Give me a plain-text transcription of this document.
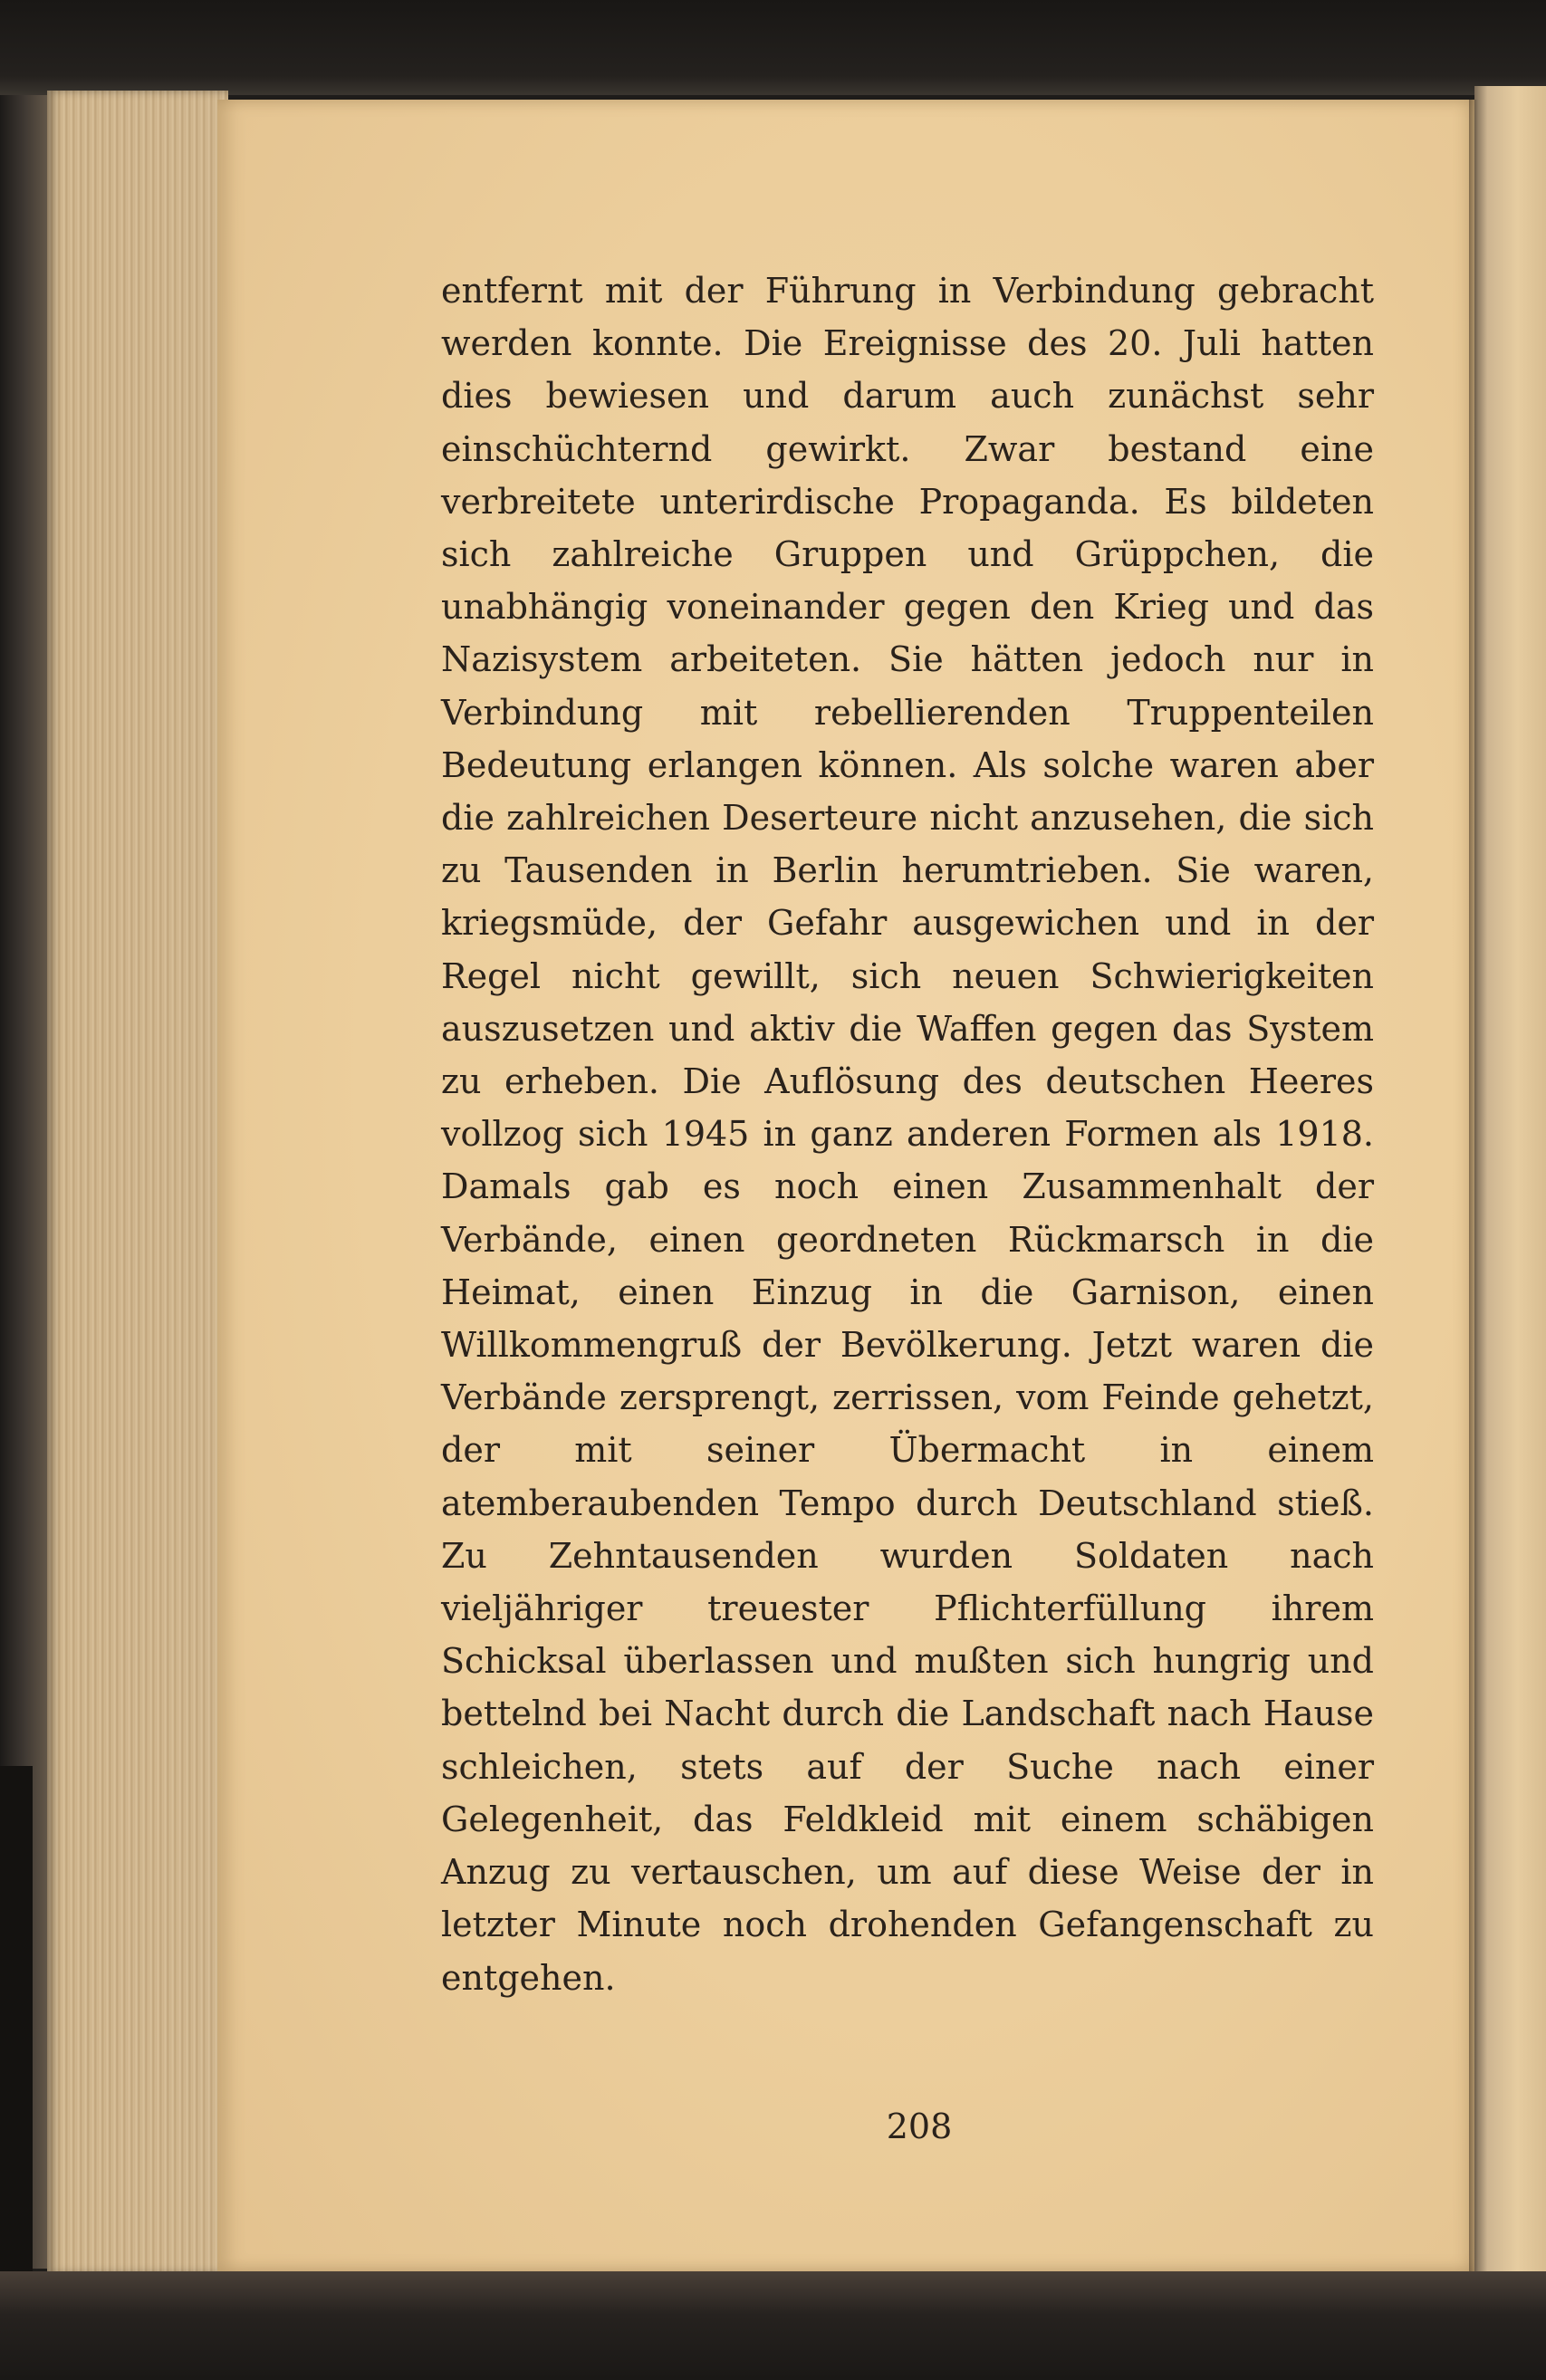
entfernt mit der Führung in Verbindung gebracht werden konnte. Die Ereignisse des 20. Juli hatten dies bewiesen und darum auch zunächst sehr einschüchternd gewirkt. Zwar bestand eine verbreitete unterirdische Propaganda. Es bildeten sich zahlreiche Gruppen und Grüppchen, die unabhängig voneinander gegen den Krieg und das Nazisystem arbeiteten. Sie hätten jedoch nur in Verbindung mit rebellierenden Truppenteilen Bedeutung erlangen können. Als solche waren aber die zahlreichen Deserteure nicht anzusehen, die sich zu Tausenden in Berlin herumtrieben. Sie waren, kriegsmüde, der Gefahr ausgewichen und in der Regel nicht gewillt, sich neuen Schwierigkeiten auszusetzen und aktiv die Waffen gegen das System zu erheben. Die Auflösung des deutschen Heeres vollzog sich 1945 in ganz anderen Formen als 1918. Damals gab es noch einen Zusammenhalt der Verbände, einen geordneten Rückmarsch in die Heimat, einen Einzug in die Garnison, einen Willkommengruß der Bevölkerung. Jetzt waren die Verbände zersprengt, zerrissen, vom Feinde gehetzt, der mit seiner Übermacht in einem atemberaubenden Tempo durch Deutschland stieß. Zu Zehntausenden wurden Soldaten nach vieljähriger treuester Pflichterfüllung ihrem Schicksal überlassen und mußten sich hungrig und bettelnd bei Nacht durch die Landschaft nach Hause schleichen, stets auf der Suche nach einer Gelegenheit, das Feldkleid mit einem schäbigen Anzug zu vertauschen, um auf diese Weise der in letzter Minute noch drohenden Gefangenschaft zu entgehen.

208
